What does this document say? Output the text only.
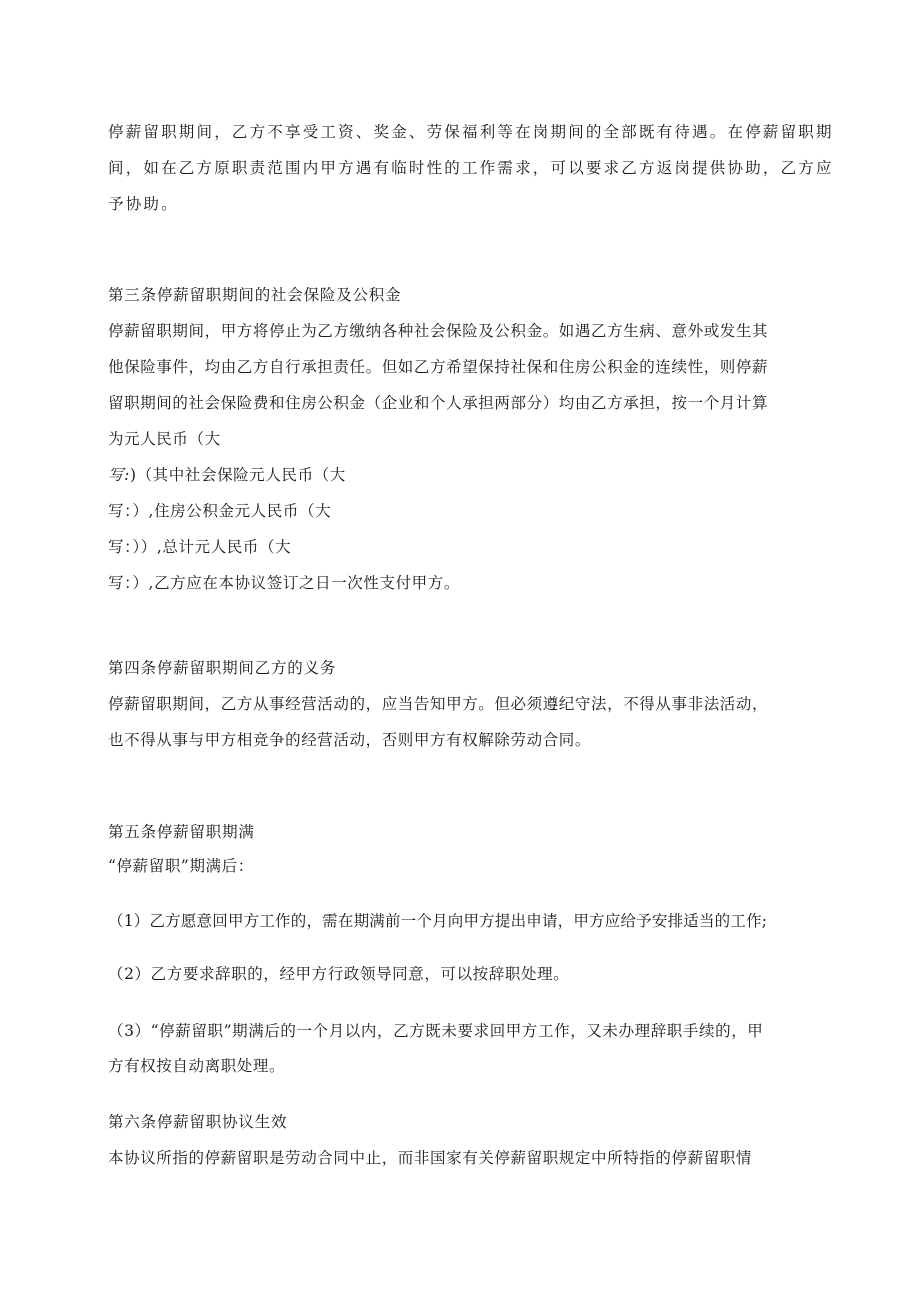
停薪留职期间，乙方不享受工资、奖金、劳保福利等在岗期间的全部既有待遇。在停薪留职期
间，如在乙方原职责范围内甲方遇有临时性的工作需求，可以要求乙方返岗提供协助，乙方应
予协助。
第三条停薪留职期间的社会保险及公积金
停薪留职期间，甲方将停止为乙方缴纳各种社会保险及公积金。如遇乙方生病、意外或发生其
他保险事件，均由乙方自行承担责任。但如乙方希望保持社保和住房公积金的连续性，则停薪
留职期间的社会保险费和住房公积金（企业和个人承担两部分）均由乙方承担，按一个月计算
为元人民币（大
写:)（其中社会保险元人民币（大
写：）,住房公积金元人民币（大
写：））,总计元人民币（大
写：）,乙方应在本协议签订之日一次性支付甲方。
第四条停薪留职期间乙方的义务
停薪留职期间，乙方从事经营活动的，应当告知甲方。但必须遵纪守法，不得从事非法活动，
也不得从事与甲方相竞争的经营活动，否则甲方有权解除劳动合同。
第五条停薪留职期满
“停薪留职”期满后：
（1）乙方愿意回甲方工作的，需在期满前一个月向甲方提出申请，甲方应给予安排适当的工作;
（2）乙方要求辞职的，经甲方行政领导同意，可以按辞职处理。
（3）“停薪留职”期满后的一个月以内，乙方既未要求回甲方工作，又未办理辞职手续的，甲
方有权按自动离职处理。
第六条停薪留职协议生效
本协议所指的停薪留职是劳动合同中止，而非国家有关停薪留职规定中所特指的停薪留职情
